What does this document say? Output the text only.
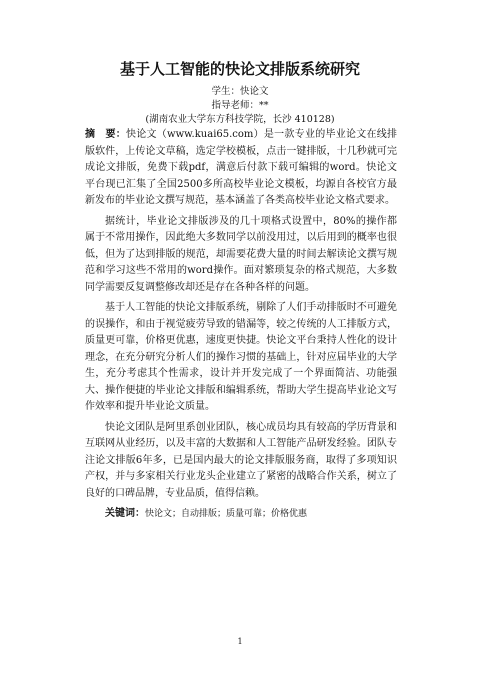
基于人工智能的快论文排版系统研究
学生：快论文
指导老师：**
(湖南农业大学东方科技学院，长沙 410128)

摘　要：快论文（www.kuai65.com）是一款专业的毕业论文在线排版软件，上传论文草稿，选定学校模板，点击一键排版，十几秒就可完成论文排版，免费下载pdf，满意后付款下载可编辑的word。快论文平台现已汇集了全国2500多所高校毕业论文模板，均源自各校官方最新发布的毕业论文撰写规范，基本涵盖了各类高校毕业论文格式要求。

据统计，毕业论文排版涉及的几十项格式设置中，80%的操作都属于不常用操作，因此绝大多数同学以前没用过，以后用到的概率也很低，但为了达到排版的规范，却需要花费大量的时间去解读论文撰写规范和学习这些不常用的word操作。面对繁琐复杂的格式规范，大多数同学需要反复调整修改却还是存在各种各样的问题。

基于人工智能的快论文排版系统，剔除了人们手动排版时不可避免的误操作，和由于视觉疲劳导致的错漏等，较之传统的人工排版方式，质量更可靠，价格更优惠，速度更快捷。快论文平台秉持人性化的设计理念，在充分研究分析人们的操作习惯的基础上，针对应届毕业的大学生，充分考虑其个性需求，设计并开发完成了一个界面简洁、功能强大、操作便捷的毕业论文排版和编辑系统，帮助大学生提高毕业论文写作效率和提升毕业论文质量。

快论文团队是阿里系创业团队，核心成员均具有较高的学历背景和互联网从业经历，以及丰富的大数据和人工智能产品研发经验。团队专注论文排版6年多，已是国内最大的论文排版服务商，取得了多项知识产权，并与多家相关行业龙头企业建立了紧密的战略合作关系，树立了良好的口碑品牌，专业品质，值得信赖。

关键词：快论文；自动排版；质量可靠；价格优惠

1
